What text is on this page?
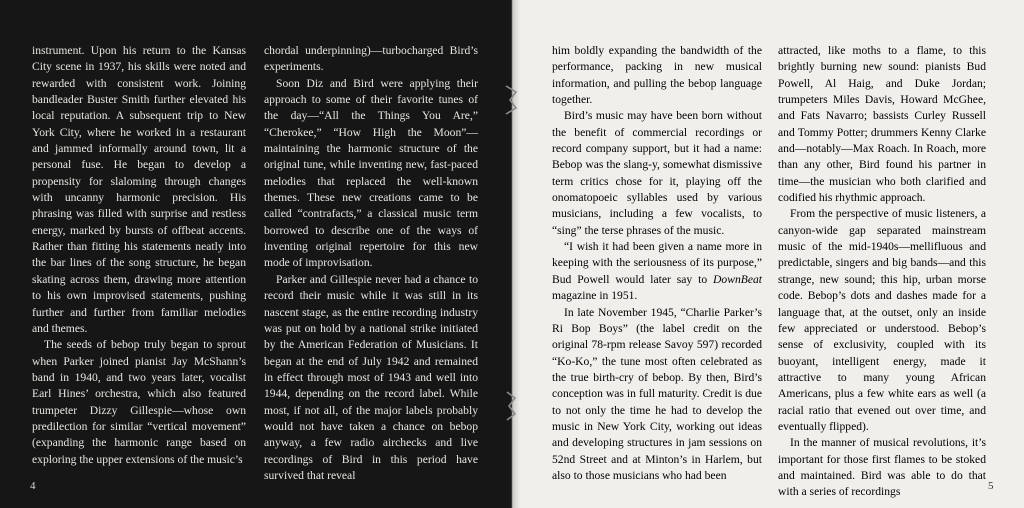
instrument. Upon his return to the Kansas City scene in 1937, his skills were noted and rewarded with consistent work. Joining bandleader Buster Smith further elevated his local reputation. A subsequent trip to New York City, where he worked in a restaurant and jammed informally around town, lit a personal fuse. He began to develop a propensity for slaloming through changes with uncanny harmonic precision. His phrasing was filled with surprise and restless energy, marked by bursts of offbeat accents. Rather than fitting his statements neatly into the bar lines of the song structure, he began skating across them, drawing more attention to his own improvised statements, pushing further and further from familiar melodies and themes.

The seeds of bebop truly began to sprout when Parker joined pianist Jay McShann’s band in 1940, and two years later, vocalist Earl Hines’ orchestra, which also featured trumpeter Dizzy Gillespie—whose own predilection for similar “vertical movement” (expanding the harmonic range based on exploring the upper extensions of the music’s

chordal underpinning)—turbocharged Bird’s experiments.

Soon Diz and Bird were applying their approach to some of their favorite tunes of the day—“All the Things You Are,” “Cherokee,” “How High the Moon”—maintaining the harmonic structure of the original tune, while inventing new, fast-paced melodies that replaced the well-known themes. These new creations came to be called “contrafacts,” a classical music term borrowed to describe one of the ways of inventing original repertoire for this new mode of improvisation.

Parker and Gillespie never had a chance to record their music while it was still in its nascent stage, as the entire recording industry was put on hold by a national strike initiated by the American Federation of Musicians. It began at the end of July 1942 and remained in effect through most of 1943 and well into 1944, depending on the record label. While most, if not all, of the major labels probably would not have taken a chance on bebop anyway, a few radio airchecks and live recordings of Bird in this period have survived that reveal

4

him boldly expanding the bandwidth of the performance, packing in new musical information, and pulling the bebop language together.

Bird’s music may have been born without the benefit of commercial recordings or record company support, but it had a name: Bebop was the slang-y, somewhat dismissive term critics chose for it, playing off the onomatopoeic syllables used by various musicians, including a few vocalists, to “sing” the terse phrases of the music.

“I wish it had been given a name more in keeping with the seriousness of its purpose,” Bud Powell would later say to DownBeat magazine in 1951.

In late November 1945, “Charlie Parker’s Ri Bop Boys” (the label credit on the original 78-rpm release Savoy 597) recorded “Ko-Ko,” the tune most often celebrated as the true birth-cry of bebop. By then, Bird’s conception was in full maturity. Credit is due to not only the time he had to develop the music in New York City, working out ideas and developing structures in jam sessions on 52nd Street and at Minton’s in Harlem, but also to those musicians who had been

attracted, like moths to a flame, to this brightly burning new sound: pianists Bud Powell, Al Haig, and Duke Jordan; trumpeters Miles Davis, Howard McGhee, and Fats Navarro; bassists Curley Russell and Tommy Potter; drummers Kenny Clarke and—notably—Max Roach. In Roach, more than any other, Bird found his partner in time—the musician who both clarified and codified his rhythmic approach.

From the perspective of music listeners, a canyon-wide gap separated mainstream music of the mid-1940s—mellifluous and predictable, singers and big bands—and this strange, new sound; this hip, urban morse code. Bebop’s dots and dashes made for a language that, at the outset, only an inside few appreciated or understood. Bebop’s sense of exclusivity, coupled with its buoyant, intelligent energy, made it attractive to many young African Americans, plus a few white ears as well (a racial ratio that evened out over time, and eventually flipped).

In the manner of musical revolutions, it’s important for those first flames to be stoked and maintained. Bird was able to do that with a series of recordings	5
